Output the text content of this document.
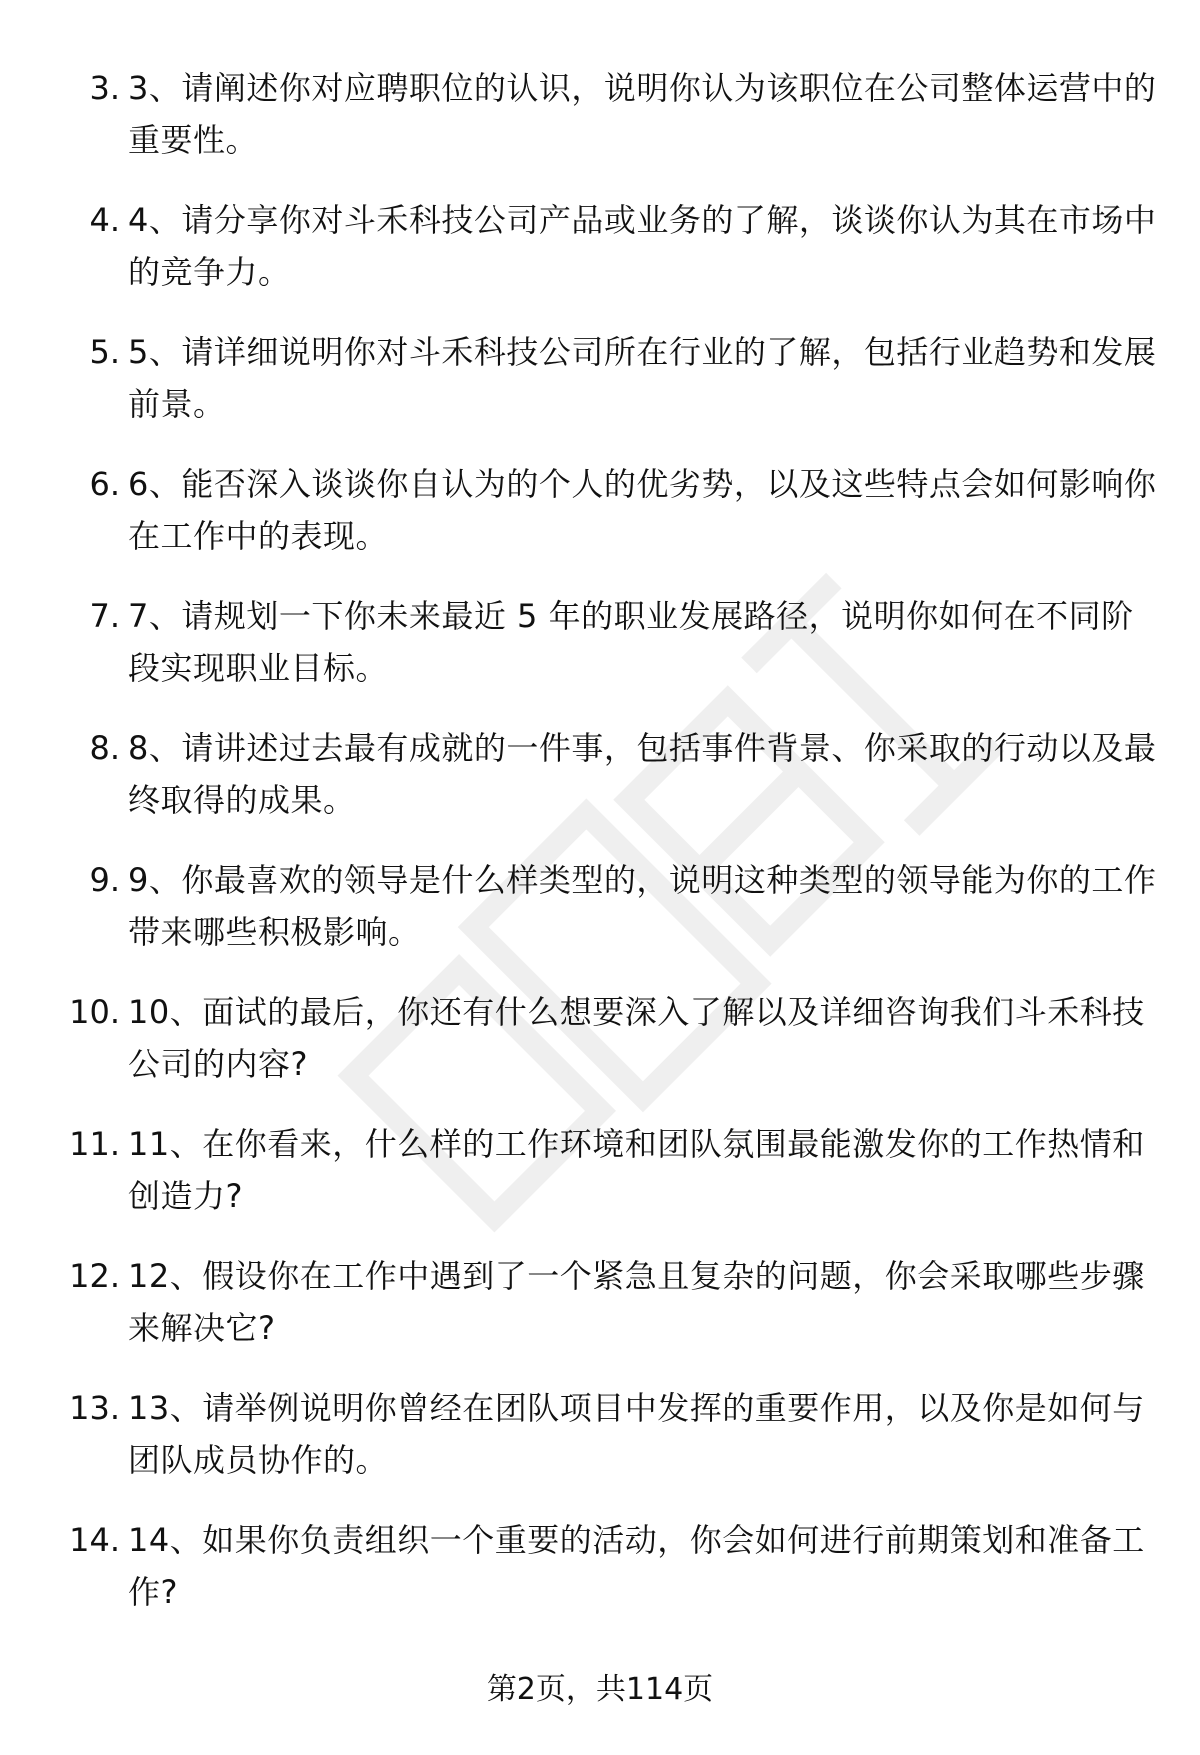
3. 3、请阐述你对应聘职位的认识，说明你认为该职位在公司整体运营中的重要性。
4. 4、请分享你对斗禾科技公司产品或业务的了解，谈谈你认为其在市场中的竞争力。
5. 5、请详细说明你对斗禾科技公司所在行业的了解，包括行业趋势和发展前景。
6. 6、能否深入谈谈你自认为的个人的优劣势，以及这些特点会如何影响你在工作中的表现。
7. 7、请规划一下你未来最近 5 年的职业发展路径，说明你如何在不同阶段实现职业目标。
8. 8、请讲述过去最有成就的一件事，包括事件背景、你采取的行动以及最终取得的成果。
9. 9、你最喜欢的领导是什么样类型的，说明这种类型的领导能为你的工作带来哪些积极影响。
10. 10、面试的最后，你还有什么想要深入了解以及详细咨询我们斗禾科技公司的内容?
11. 11、在你看来，什么样的工作环境和团队氛围最能激发你的工作热情和创造力?
12. 12、假设你在工作中遇到了一个紧急且复杂的问题，你会采取哪些步骤来解决它?
13. 13、请举例说明你曾经在团队项目中发挥的重要作用，以及你是如何与团队成员协作的。
14. 14、如果你负责组织一个重要的活动，你会如何进行前期策划和准备工作?
第2页，共114页
